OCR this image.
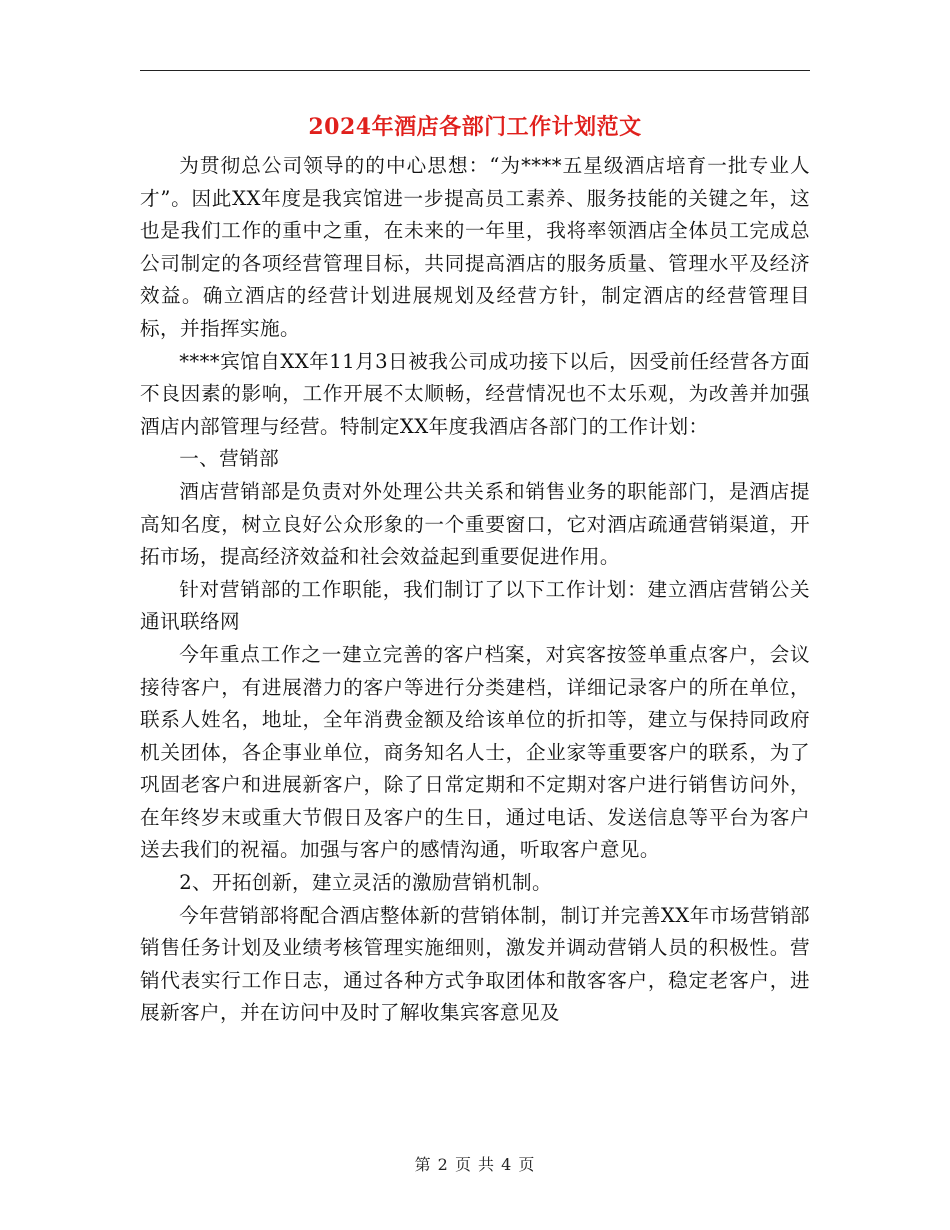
2024年酒店各部门工作计划范文

为贯彻总公司领导的的中心思想：“为****五星级酒店培育一批专业人才”。因此XX年度是我宾馆进一步提高员工素养、服务技能的关键之年，这也是我们工作的重中之重，在未来的一年里，我将率领酒店全体员工完成总公司制定的各项经营管理目标，共同提高酒店的服务质量、管理水平及经济效益。确立酒店的经营计划进展规划及经营方针，制定酒店的经营管理目标，并指挥实施。

****宾馆自XX年11月3日被我公司成功接下以后，因受前任经营各方面不良因素的影响，工作开展不太顺畅，经营情况也不太乐观，为改善并加强酒店内部管理与经营。特制定XX年度我酒店各部门的工作计划：

一、营销部

酒店营销部是负责对外处理公共关系和销售业务的职能部门，是酒店提高知名度，树立良好公众形象的一个重要窗口，它对酒店疏通营销渠道，开拓市场，提高经济效益和社会效益起到重要促进作用。

针对营销部的工作职能，我们制订了以下工作计划：建立酒店营销公关通讯联络网

今年重点工作之一建立完善的客户档案，对宾客按签单重点客户，会议接待客户，有进展潜力的客户等进行分类建档，详细记录客户的所在单位，联系人姓名，地址，全年消费金额及给该单位的折扣等，建立与保持同政府机关团体，各企事业单位，商务知名人士，企业家等重要客户的联系，为了巩固老客户和进展新客户，除了日常定期和不定期对客户进行销售访问外，在年终岁末或重大节假日及客户的生日，通过电话、发送信息等平台为客户送去我们的祝福。加强与客户的感情沟通，听取客户意见。

2、开拓创新，建立灵活的激励营销机制。

今年营销部将配合酒店整体新的营销体制，制订并完善XX年市场营销部销售任务计划及业绩考核管理实施细则，激发并调动营销人员的积极性。营销代表实行工作日志，通过各种方式争取团体和散客客户，稳定老客户，进展新客户，并在访问中及时了解收集宾客意见及

第 2 页 共 4 页
